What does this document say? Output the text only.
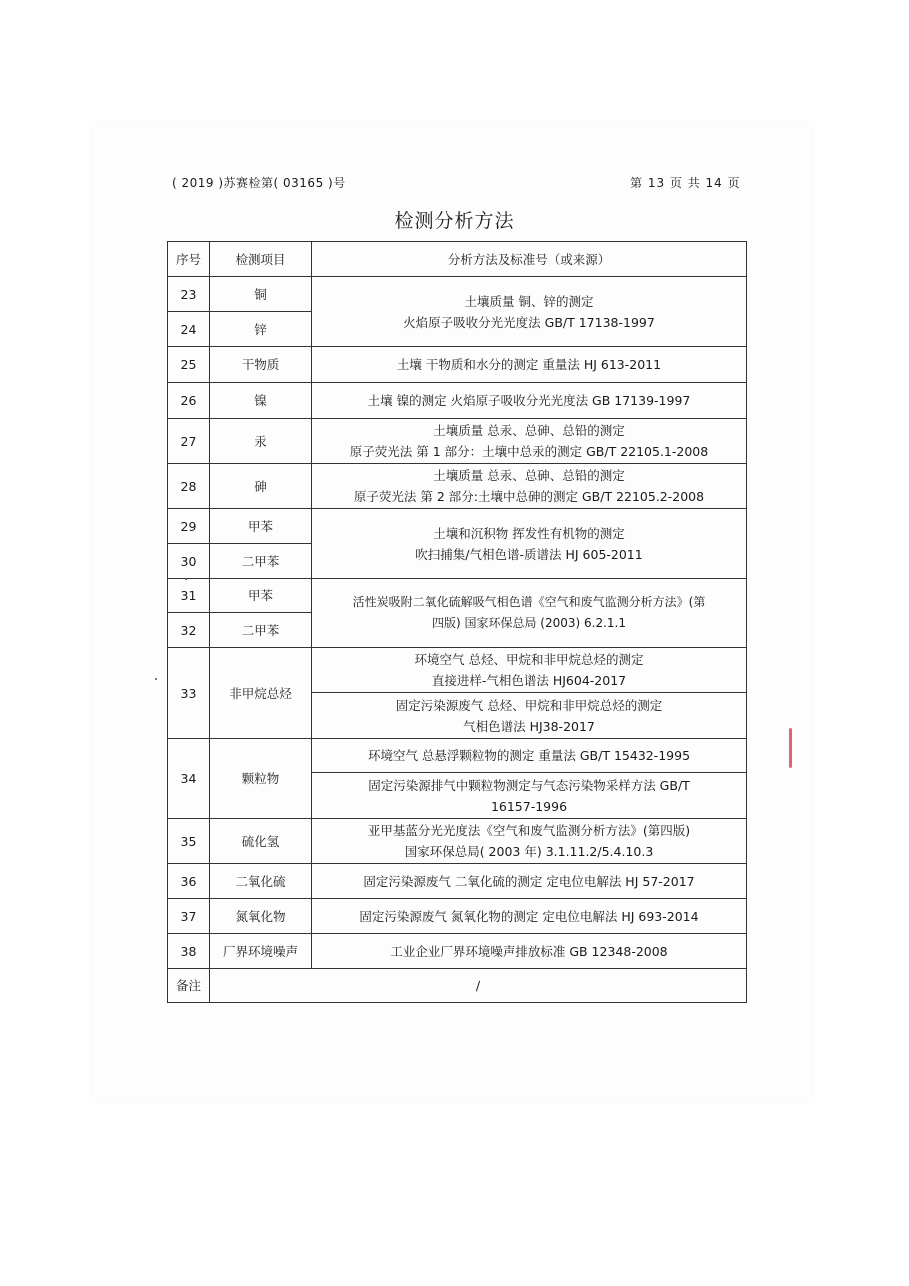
( 2019 )苏赛检第( 03165 )号	第 13 页 共 14 页
检测分析方法
序号	检测项目	分析方法及标准号（或来源）
23	铜	土壤质量 铜、锌的测定
火焰原子吸收分光光度法 GB/T 17138-1997

24	锌	
25	干物质	土壤 干物质和水分的测定 重量法 HJ 613-2011
26	镍	土壤 镍的测定 火焰原子吸收分光光度法 GB 17139-1997
27	汞	土壤质量 总汞、总砷、总铅的测定
原子荧光法 第 1 部分：土壤中总汞的测定 GB/T 22105.1-2008

28	砷	土壤质量 总汞、总砷、总铅的测定
原子荧光法 第 2 部分:土壤中总砷的测定 GB/T 22105.2-2008

29	甲苯	土壤和沉积物 挥发性有机物的测定
吹扫捕集/气相色谱-质谱法 HJ 605-2011

30	二甲苯	
31	甲苯	活性炭吸附二氧化硫解吸气相色谱《空气和废气监测分析方法》(第
四版) 国家环保总局 (2003) 6.2.1.1

32	二甲苯	
33	非甲烷总烃	环境空气 总烃、甲烷和非甲烷总烃的测定
直接进样-气相色谱法 HJ604-2017

		固定污染源废气 总烃、甲烷和非甲烷总烃的测定
气相色谱法 HJ38-2017

34	颗粒物	环境空气 总悬浮颗粒物的测定 重量法 GB/T 15432-1995

		固定污染源排气中颗粒物测定与气态污染物采样方法 GB/T
16157-1996

35	硫化氢	亚甲基蓝分光光度法《空气和废气监测分析方法》(第四版)
国家环保总局( 2003 年) 3.1.11.2/5.4.10.3

36	二氧化硫	固定污染源废气 二氧化硫的测定 定电位电解法 HJ 57-2017
37	氮氧化物	固定污染源废气 氮氧化物的测定 定电位电解法 HJ 693-2014
38	厂界环境噪声	工业企业厂界环境噪声排放标准 GB 12348-2008
备注	/	
